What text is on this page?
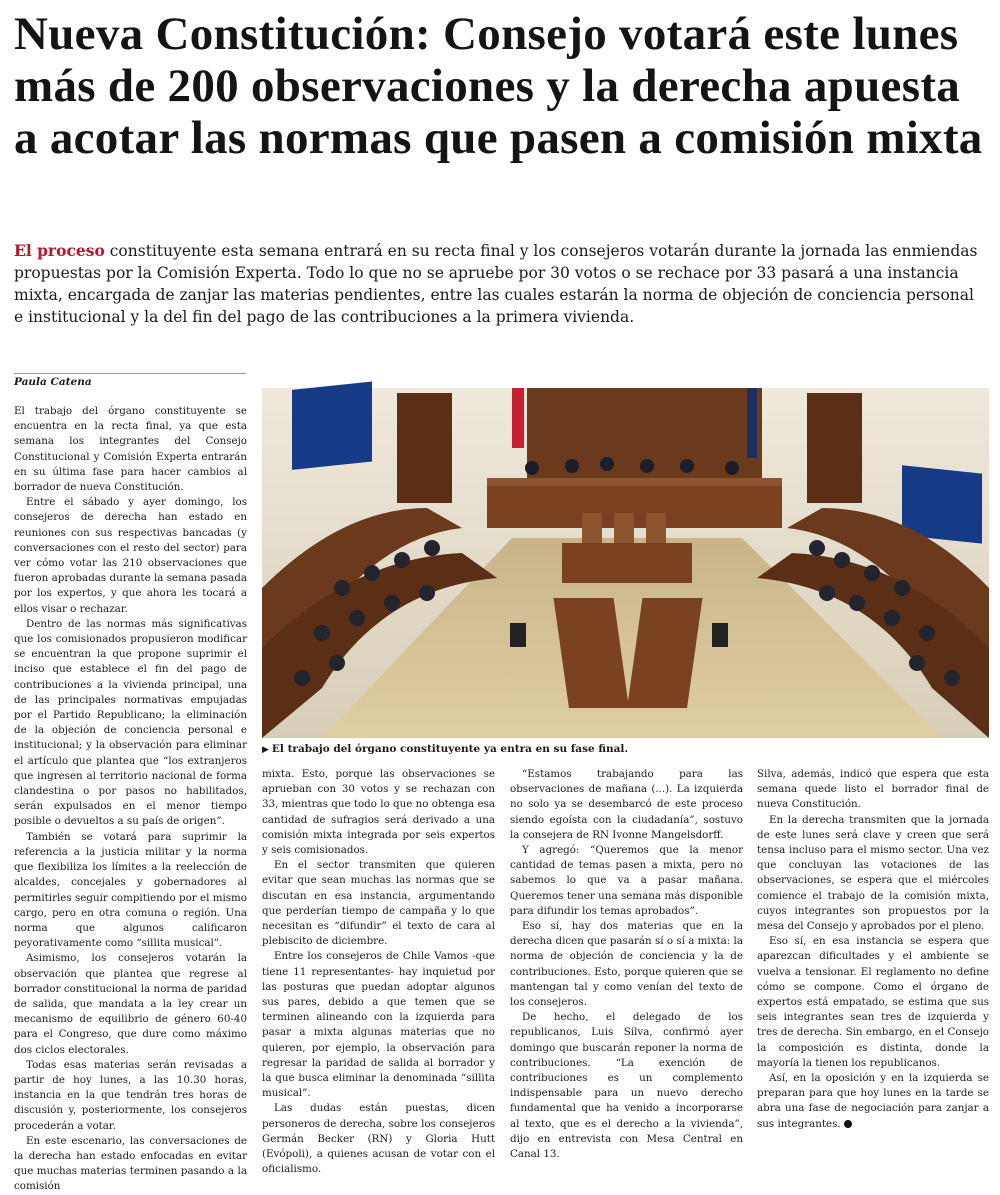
Nueva Constitución: Consejo votará este lunes más de 200 observaciones y la derecha apuesta a acotar las normas que pasen a comisión mixta

El proceso constituyente esta semana entrará en su recta final y los consejeros votarán durante la jornada las enmiendas propuestas por la Comisión Experta. Todo lo que no se apruebe por 30 votos o se rechace por 33 pasará a una instancia mixta, encargada de zanjar las materias pendientes, entre las cuales estarán la norma de objeción de conciencia personal e institucional y la del fin del pago de las contribuciones a la primera vivienda.

Paula Catena

El trabajo del órgano constituyente se encuentra en la recta final, ya que esta semana los integrantes del Consejo Constitucional y Comisión Experta entrarán en su última fase para hacer cambios al borrador de nueva Constitución.

Entre el sábado y ayer domingo, los consejeros de derecha han estado en reuniones con sus respectivas bancadas (y conversaciones con el resto del sector) para ver cómo votar las 210 observaciones que fueron aprobadas durante la semana pasada por los expertos, y que ahora les tocará a ellos visar o rechazar.

Dentro de las normas más significativas que los comisionados propusieron modificar se encuentran la que propone suprimir el inciso que establece el fin del pago de contribuciones a la vivienda principal, una de las principales normativas empujadas por el Partido Republicano; la eliminación de la objeción de conciencia personal e institucional; y la observación para eliminar el artículo que plantea que “los extranjeros que ingresen al territorio nacional de forma clandestina o por pasos no habilitados, serán expulsados en el menor tiempo posible o devueltos a su país de origen”.

También se votará para suprimir la referencia a la justicia militar y la norma que flexibiliza los límites a la reelección de alcaldes, concejales y gobernadores al permitirles seguir compitiendo por el mismo cargo, pero en otra comuna o región. Una norma que algunos calificaron peyorativamente como “sillita musical”.

Asimismo, los consejeros votarán la observación que plantea que regrese al borrador constitucional la norma de paridad de salida, que mandata a la ley crear un mecanismo de equilibrio de género 60-40 para el Congreso, que dure como máximo dos ciclos electorales.

Todas esas materias serán revisadas a partir de hoy lunes, a las 10.30 horas, instancia en la que tendrán tres horas de discusión y, posteriormente, los consejeros procederán a votar.

En este escenario, las conversaciones de la derecha han estado enfocadas en evitar que muchas materias terminen pasando a la comisión

▶ El trabajo del órgano constituyente ya entra en su fase final.

mixta. Esto, porque las observaciones se aprueban con 30 votos y se rechazan con 33, mientras que todo lo que no obtenga esa cantidad de sufragios será derivado a una comisión mixta integrada por seis expertos y seis comisionados.

En el sector transmiten que quieren evitar que sean muchas las normas que se discutan en esa instancia, argumentando que perderían tiempo de campaña y lo que necesitan es “difundir” el texto de cara al plebiscito de diciembre.

Entre los consejeros de Chile Vamos -que tiene 11 representantes- hay inquietud por las posturas que puedan adoptar algunos sus pares, debido a que temen que se terminen alineando con la izquierda para pasar a mixta algunas materias que no quieren, por ejemplo, la observación para regresar la paridad de salida al borrador y la que busca eliminar la denominada “sillita musical”.

Las dudas están puestas, dicen personeros de derecha, sobre los consejeros Germán Becker (RN) y Gloria Hutt (Evópoli), a quienes acusan de votar con el oficialismo.

“Estamos trabajando para las observaciones de mañana (...). La izquierda no solo ya se desembarcó de este proceso siendo egoísta con la ciudadanía”, sostuvo la consejera de RN Ivonne Mangelsdorff.

Y agregó: “Queremos que la menor cantidad de temas pasen a mixta, pero no sabemos lo que va a pasar mañana. Queremos tener una semana más disponible para difundir los temas aprobados”.

Eso sí, hay dos materias que en la derecha dicen que pasarán sí o sí a mixta: la norma de objeción de conciencia y la de contribuciones. Esto, porque quieren que se mantengan tal y como venían del texto de los consejeros.

De hecho, el delegado de los republicanos, Luis Silva, confirmó ayer domingo que buscarán reponer la norma de contribuciones. “La exención de contribuciones es un complemento indispensable para un nuevo derecho fundamental que ha venido a incorporarse al texto, que es el derecho a la vivienda”, dijo en entrevista con Mesa Central en Canal 13.

Silva, además, indicó que espera que esta semana quede listo el borrador final de nueva Constitución.

En la derecha transmiten que la jornada de este lunes será clave y creen que será tensa incluso para el mismo sector. Una vez que concluyan las votaciones de las observaciones, se espera que el miércoles comience el trabajo de la comisión mixta, cuyos integrantes son propuestos por la mesa del Consejo y aprobados por el pleno.

Eso sí, en esa instancia se espera que aparezcan dificultades y el ambiente se vuelva a tensionar. El reglamento no define cómo se compone. Como el órgano de expertos está empatado, se estima que sus seis integrantes sean tres de izquierda y tres de derecha. Sin embargo, en el Consejo la composición es distinta, donde la mayoría la tienen los republicanos.

Así, en la oposición y en la izquierda se preparan para que hoy lunes en la tarde se abra una fase de negociación para zanjar a sus integrantes.
